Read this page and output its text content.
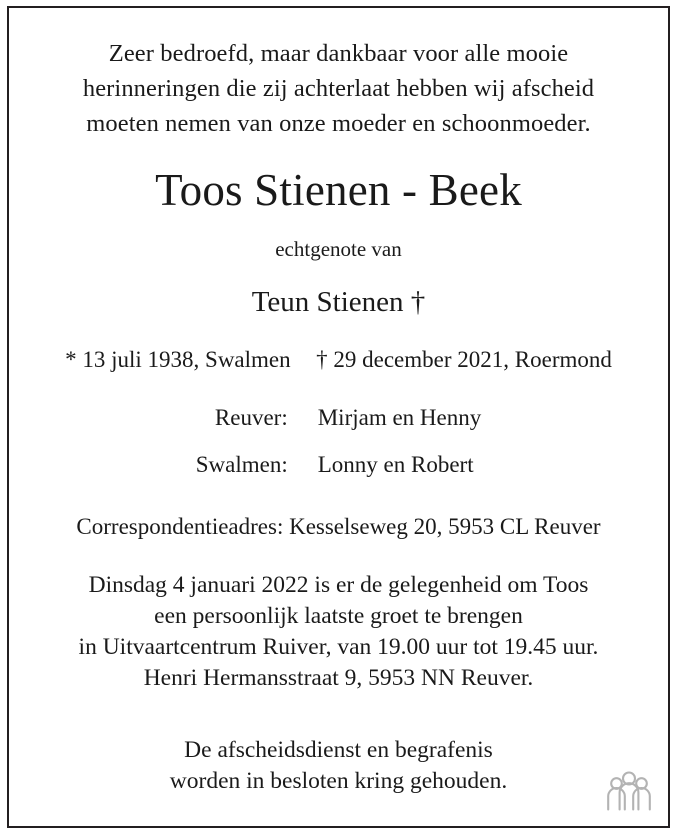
Zeer bedroefd, maar dankbaar voor alle mooie
herinneringen die zij achterlaat hebben wij afscheid
moeten nemen van onze moeder en schoonmoeder.

Toos Stienen - Beek

echtgenote van

Teun Stienen †

* 13 juli 1938, Swalmen † 29 december 2021, Roermond

Reuver:	Mirjam en Henny
Swalmen:	Lonny en Robert

Correspondentieadres: Kesselseweg 20, 5953 CL Reuver

Dinsdag 4 januari 2022 is er de gelegenheid om Toos
een persoonlijk laatste groet te brengen
in Uitvaartcentrum Ruiver, van 19.00 uur tot 19.45 uur.
Henri Hermansstraat 9, 5953 NN Reuver.

De afscheidsdienst en begrafenis
worden in besloten kring gehouden.
